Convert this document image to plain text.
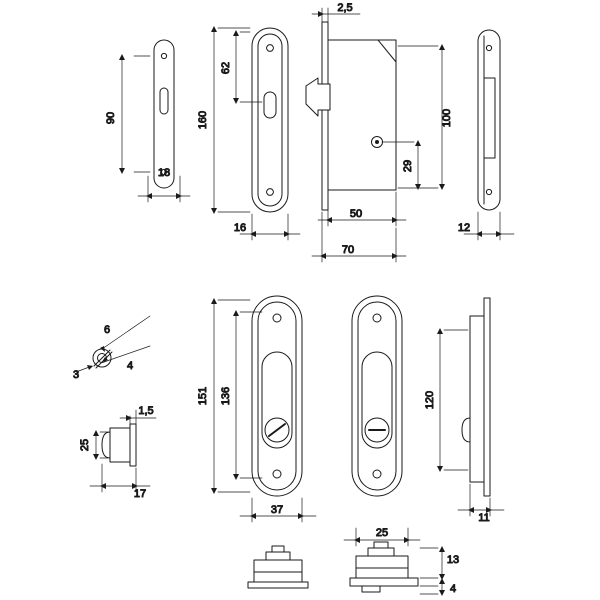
90
18
62
160
16
2,5
50
70
100
29
12
6
4
3
1,5
25
17
151 136
37
120
11
25
13
4
